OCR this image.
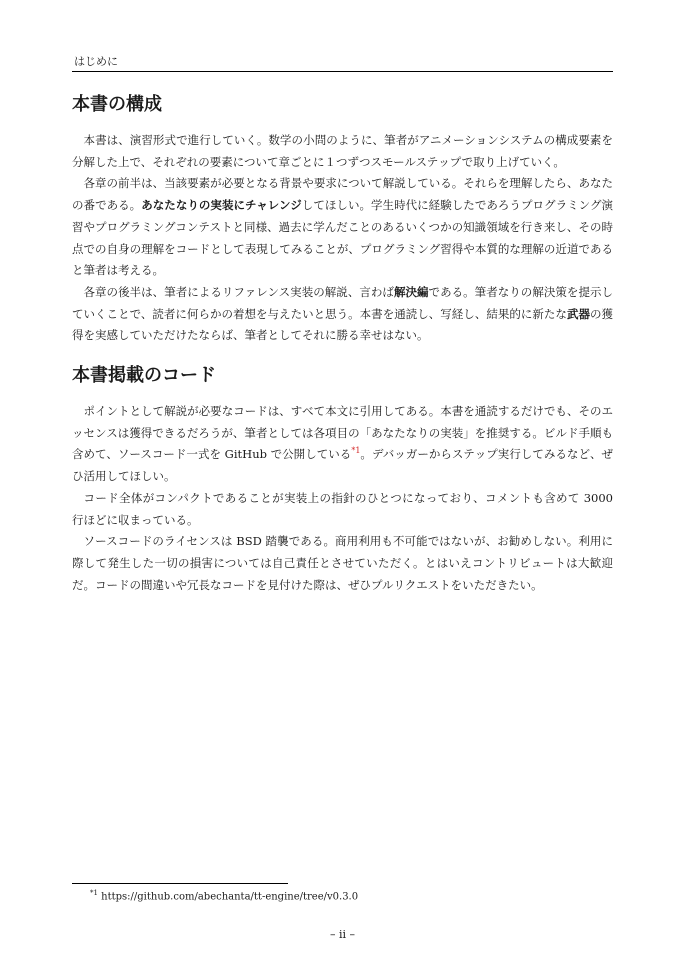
はじめに
本書の構成

本書は、演習形式で進行していく。数学の小問のように、筆者がアニメーションシステムの構成要素を分解した上で、それぞれの要素について章ごとに１つずつスモールステップで取り上げていく。

各章の前半は、当該要素が必要となる背景や要求について解説している。それらを理解したら、あなたの番である。あなたなりの実装にチャレンジしてほしい。学生時代に経験したであろうプログラミング演習やプログラミングコンテストと同様、過去に学んだことのあるいくつかの知識領域を行き来し、その時点での自身の理解をコードとして表現してみることが、プログラミング習得や本質的な理解の近道であると筆者は考える。

各章の後半は、筆者によるリファレンス実装の解説、言わば解決編である。筆者なりの解決策を提示していくことで、読者に何らかの着想を与えたいと思う。本書を通読し、写経し、結果的に新たな武器の獲得を実感していただけたならば、筆者としてそれに勝る幸せはない。

本書掲載のコード

ポイントとして解説が必要なコードは、すべて本文に引用してある。本書を通読するだけでも、そのエッセンスは獲得できるだろうが、筆者としては各項目の「あなたなりの実装」を推奨する。ビルド手順も含めて、ソースコード一式を GitHub で公開している$^{*1}$。デバッガーからステップ実行してみるなど、ぜひ活用してほしい。

コード全体がコンパクトであることが実装上の指針のひとつになっており、コメントも含めて 3000 行ほどに収まっている。

ソースコードのライセンスは BSD 踏襲である。商用利用も不可能ではないが、お勧めしない。利用に際して発生した一切の損害については自己責任とさせていただく。とはいえコントリビュートは大歓迎だ。コードの間違いや冗長なコードを見付けた際は、ぜひプルリクエストをいただきたい。

$^{*1}$ https://github.com/abechanta/tt-engine/tree/v0.3.0
– ii –
